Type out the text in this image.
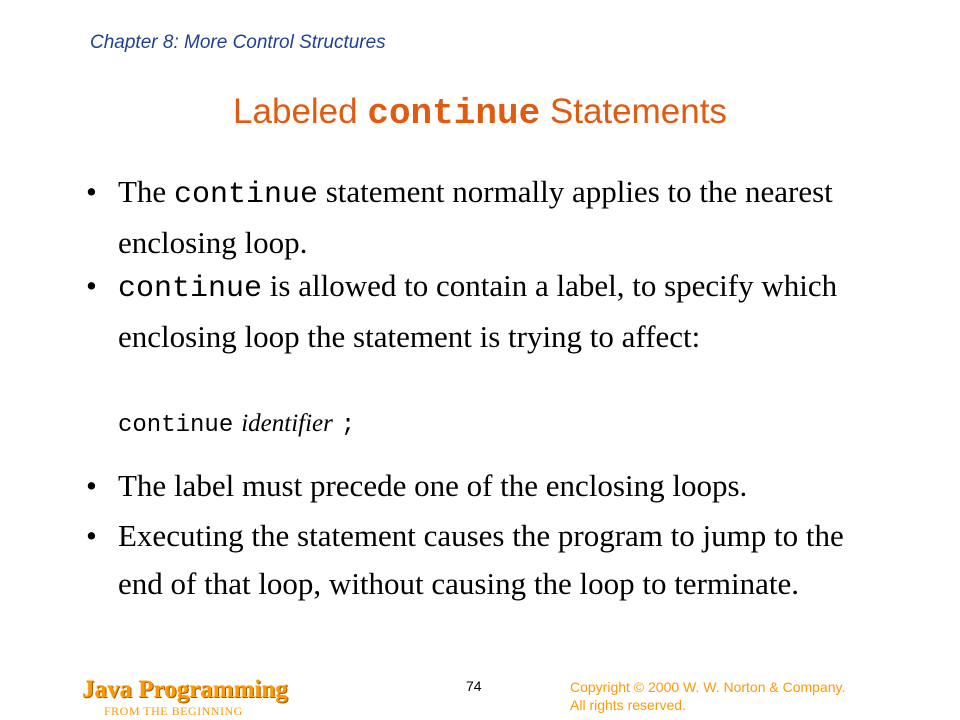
Chapter 8: More Control Structures
Labeled continue Statements
• The continue statement normally applies to the nearest enclosing loop.
• continue is allowed to contain a label, to specify which enclosing loop the statement is trying to affect:
continue identifier ;
• The label must precede one of the enclosing loops.
• Executing the statement causes the program to jump to the end of that loop, without causing the loop to terminate.
Java Programming
FROM THE BEGINNING
74	Copyright © 2000 W. W. Norton & Company.
All rights reserved.
